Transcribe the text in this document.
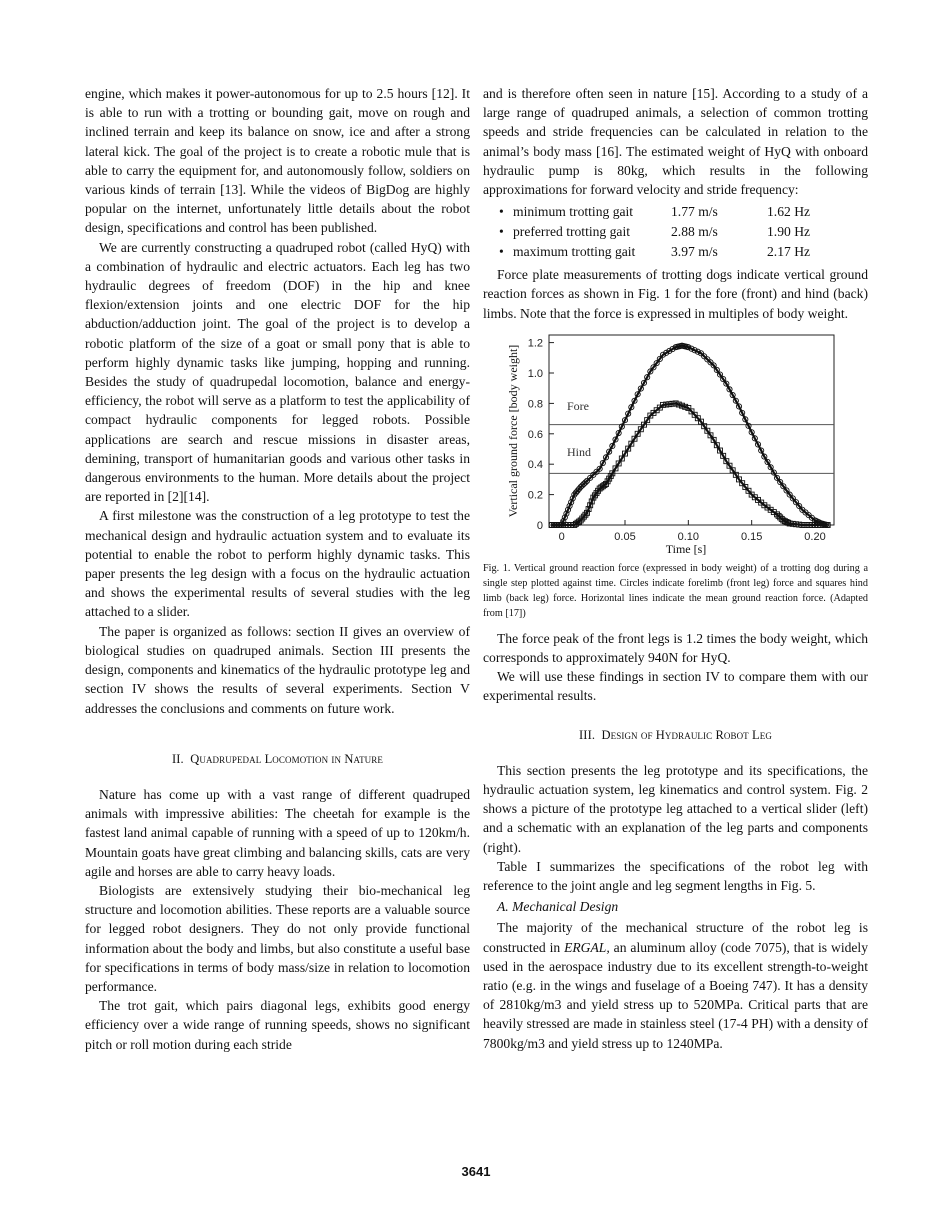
engine, which makes it power-autonomous for up to 2.5 hours [12]. It is able to run with a trotting or bounding gait, move on rough and inclined terrain and keep its balance on snow, ice and after a strong lateral kick. The goal of the project is to create a robotic mule that is able to carry the equipment for, and autonomously follow, soldiers on various kinds of terrain [13]. While the videos of BigDog are highly popular on the internet, unfortunately little details about the robot design, specifications and control has been published.

We are currently constructing a quadruped robot (called HyQ) with a combination of hydraulic and electric actuators. Each leg has two hydraulic degrees of freedom (DOF) in the hip and knee flexion/extension joints and one electric DOF for the hip abduction/adduction joint. The goal of the project is to develop a robotic platform of the size of a goat or small pony that is able to perform highly dynamic tasks like jumping, hopping and running. Besides the study of quadrupedal locomotion, balance and energy-efficiency, the robot will serve as a platform to test the applicability of compact hydraulic components for legged robots. Possible applications are search and rescue missions in disaster areas, demining, transport of humanitarian goods and various other tasks in dangerous environments to the human. More details about the project are reported in [2][14].

A first milestone was the construction of a leg prototype to test the mechanical design and hydraulic actuation system and to evaluate its potential to enable the robot to perform highly dynamic tasks. This paper presents the leg design with a focus on the hydraulic actuation and shows the experimental results of several studies with the leg attached to a slider.

The paper is organized as follows: section II gives an overview of biological studies on quadruped animals. Section III presents the design, components and kinematics of the hydraulic prototype leg and section IV shows the results of several experiments. Section V addresses the conclusions and comments on future work.

II. Quadrupedal Locomotion in Nature

Nature has come up with a vast range of different quadruped animals with impressive abilities: The cheetah for example is the fastest land animal capable of running with a speed of up to 120km/h. Mountain goats have great climbing and balancing skills, cats are very agile and horses are able to carry heavy loads.

Biologists are extensively studying their bio-mechanical leg structure and locomotion abilities. These reports are a valuable source for legged robot designers. They do not only provide functional information about the body and limbs, but also constitute a useful base for specifications in terms of body mass/size in relation to locomotion performance.

The trot gait, which pairs diagonal legs, exhibits good energy efficiency over a wide range of running speeds, shows no significant pitch or roll motion during each stride

and is therefore often seen in nature [15]. According to a study of a large range of quadruped animals, a selection of common trotting speeds and stride frequencies can be calculated in relation to the animal’s body mass [16]. The estimated weight of HyQ with onboard hydraulic pump is 80kg, which results in the following approximations for forward velocity and stride frequency:

• minimum trotting gait	1.77 m/s	1.62 Hz
• preferred trotting gait	2.88 m/s	1.90 Hz
• maximum trotting gait	3.97 m/s	2.17 Hz

Force plate measurements of trotting dogs indicate vertical ground reaction forces as shown in Fig. 1 for the fore (front) and hind (back) limbs. Note that the force is expressed in multiples of body weight.

Vertical ground force [body weight]
Time [s]
0
0.2
0.4
0.6
0.8
1.0
1.2
0	0.05	0.10	0.15	0.20
Fore
Hind
Fig. 1. Vertical ground reaction force (expressed in body weight) of a trotting dog during a single step plotted against time. Circles indicate forelimb (front leg) force and squares hind limb (back leg) force. Horizontal lines indicate the mean ground reaction force. (Adapted from [17])

The force peak of the front legs is 1.2 times the body weight, which corresponds to approximately 940N for HyQ.

We will use these findings in section IV to compare them with our experimental results.

III. Design of Hydraulic Robot Leg

This section presents the leg prototype and its specifications, the hydraulic actuation system, leg kinematics and control system. Fig. 2 shows a picture of the prototype leg attached to a vertical slider (left) and a schematic with an explanation of the leg parts and components (right).

Table I summarizes the specifications of the robot leg with reference to the joint angle and leg segment lengths in Fig. 5.

A. Mechanical Design

The majority of the mechanical structure of the robot leg is constructed in ERGAL, an aluminum alloy (code 7075), that is widely used in the aerospace industry due to its excellent strength-to-weight ratio (e.g. in the wings and fuselage of a Boeing 747). It has a density of 2810kg/m3 and yield stress up to 520MPa. Critical parts that are heavily stressed are made in stainless steel (17-4 PH) with a density of 7800kg/m3 and yield stress up to 1240MPa.

3641
